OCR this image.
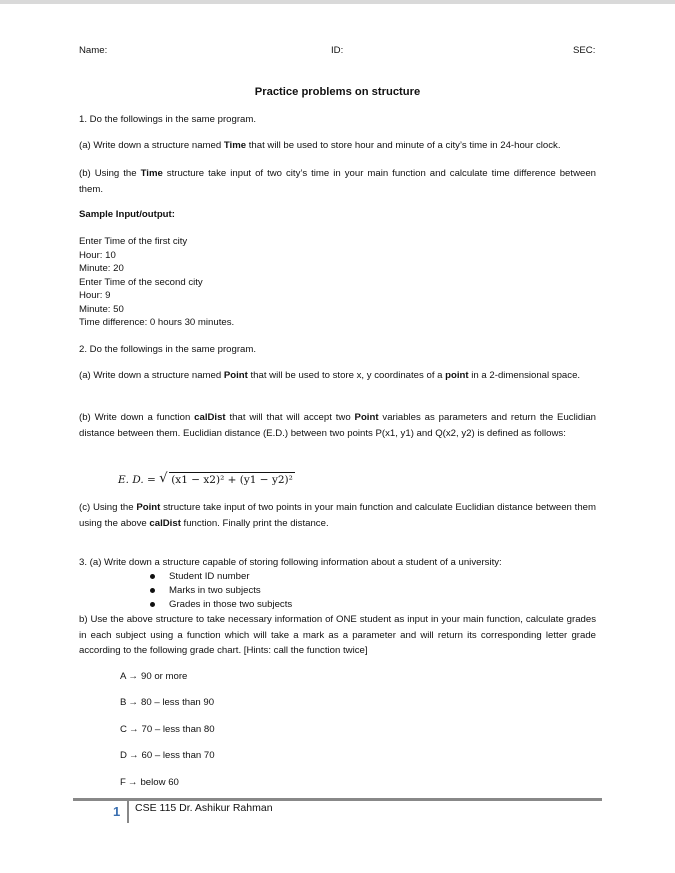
Name:	ID:	SEC:
Practice problems on structure
1. Do the followings in the same program.
(a) Write down a structure named Time that will be used to store hour and minute of a city’s time in 24-hour clock.
(b) Using the Time structure take input of two city’s time in your main function and calculate time difference between them.
Sample Input/output:
Enter Time of the first city
Hour: 10
Minute: 20
Enter Time of the second city
Hour: 9
Minute: 50
Time difference: 0 hours 30 minutes.
2. Do the followings in the same program.
(a) Write down a structure named Point that will be used to store x, y coordinates of a point in a 2-dimensional space.
(b) Write down a function calDist that will that will accept two Point variables as parameters and return the Euclidian distance between them. Euclidian distance (E.D.) between two points P(x1, y1) and Q(x2, y2) is defined as follows:
E. D. = √ (x1 − x2)² + (y1 − y2)²
(c) Using the Point structure take input of two points in your main function and calculate Euclidian distance between them using the above calDist function. Finally print the distance.
3. (a) Write down a structure capable of storing following information about a student of a university:
Student ID number
Marks in two subjects
Grades in those two subjects
b) Use the above structure to take necessary information of ONE student as input in your main function, calculate grades in each subject using a function which will take a mark as a parameter and will return its corresponding letter grade according to the following grade chart. [Hints: call the function twice]
A → 90 or more
B → 80 – less than 90
C → 70 – less than 80
D → 60 – less than 70
F → below 60
1 CSE 115 Dr. Ashikur Rahman
